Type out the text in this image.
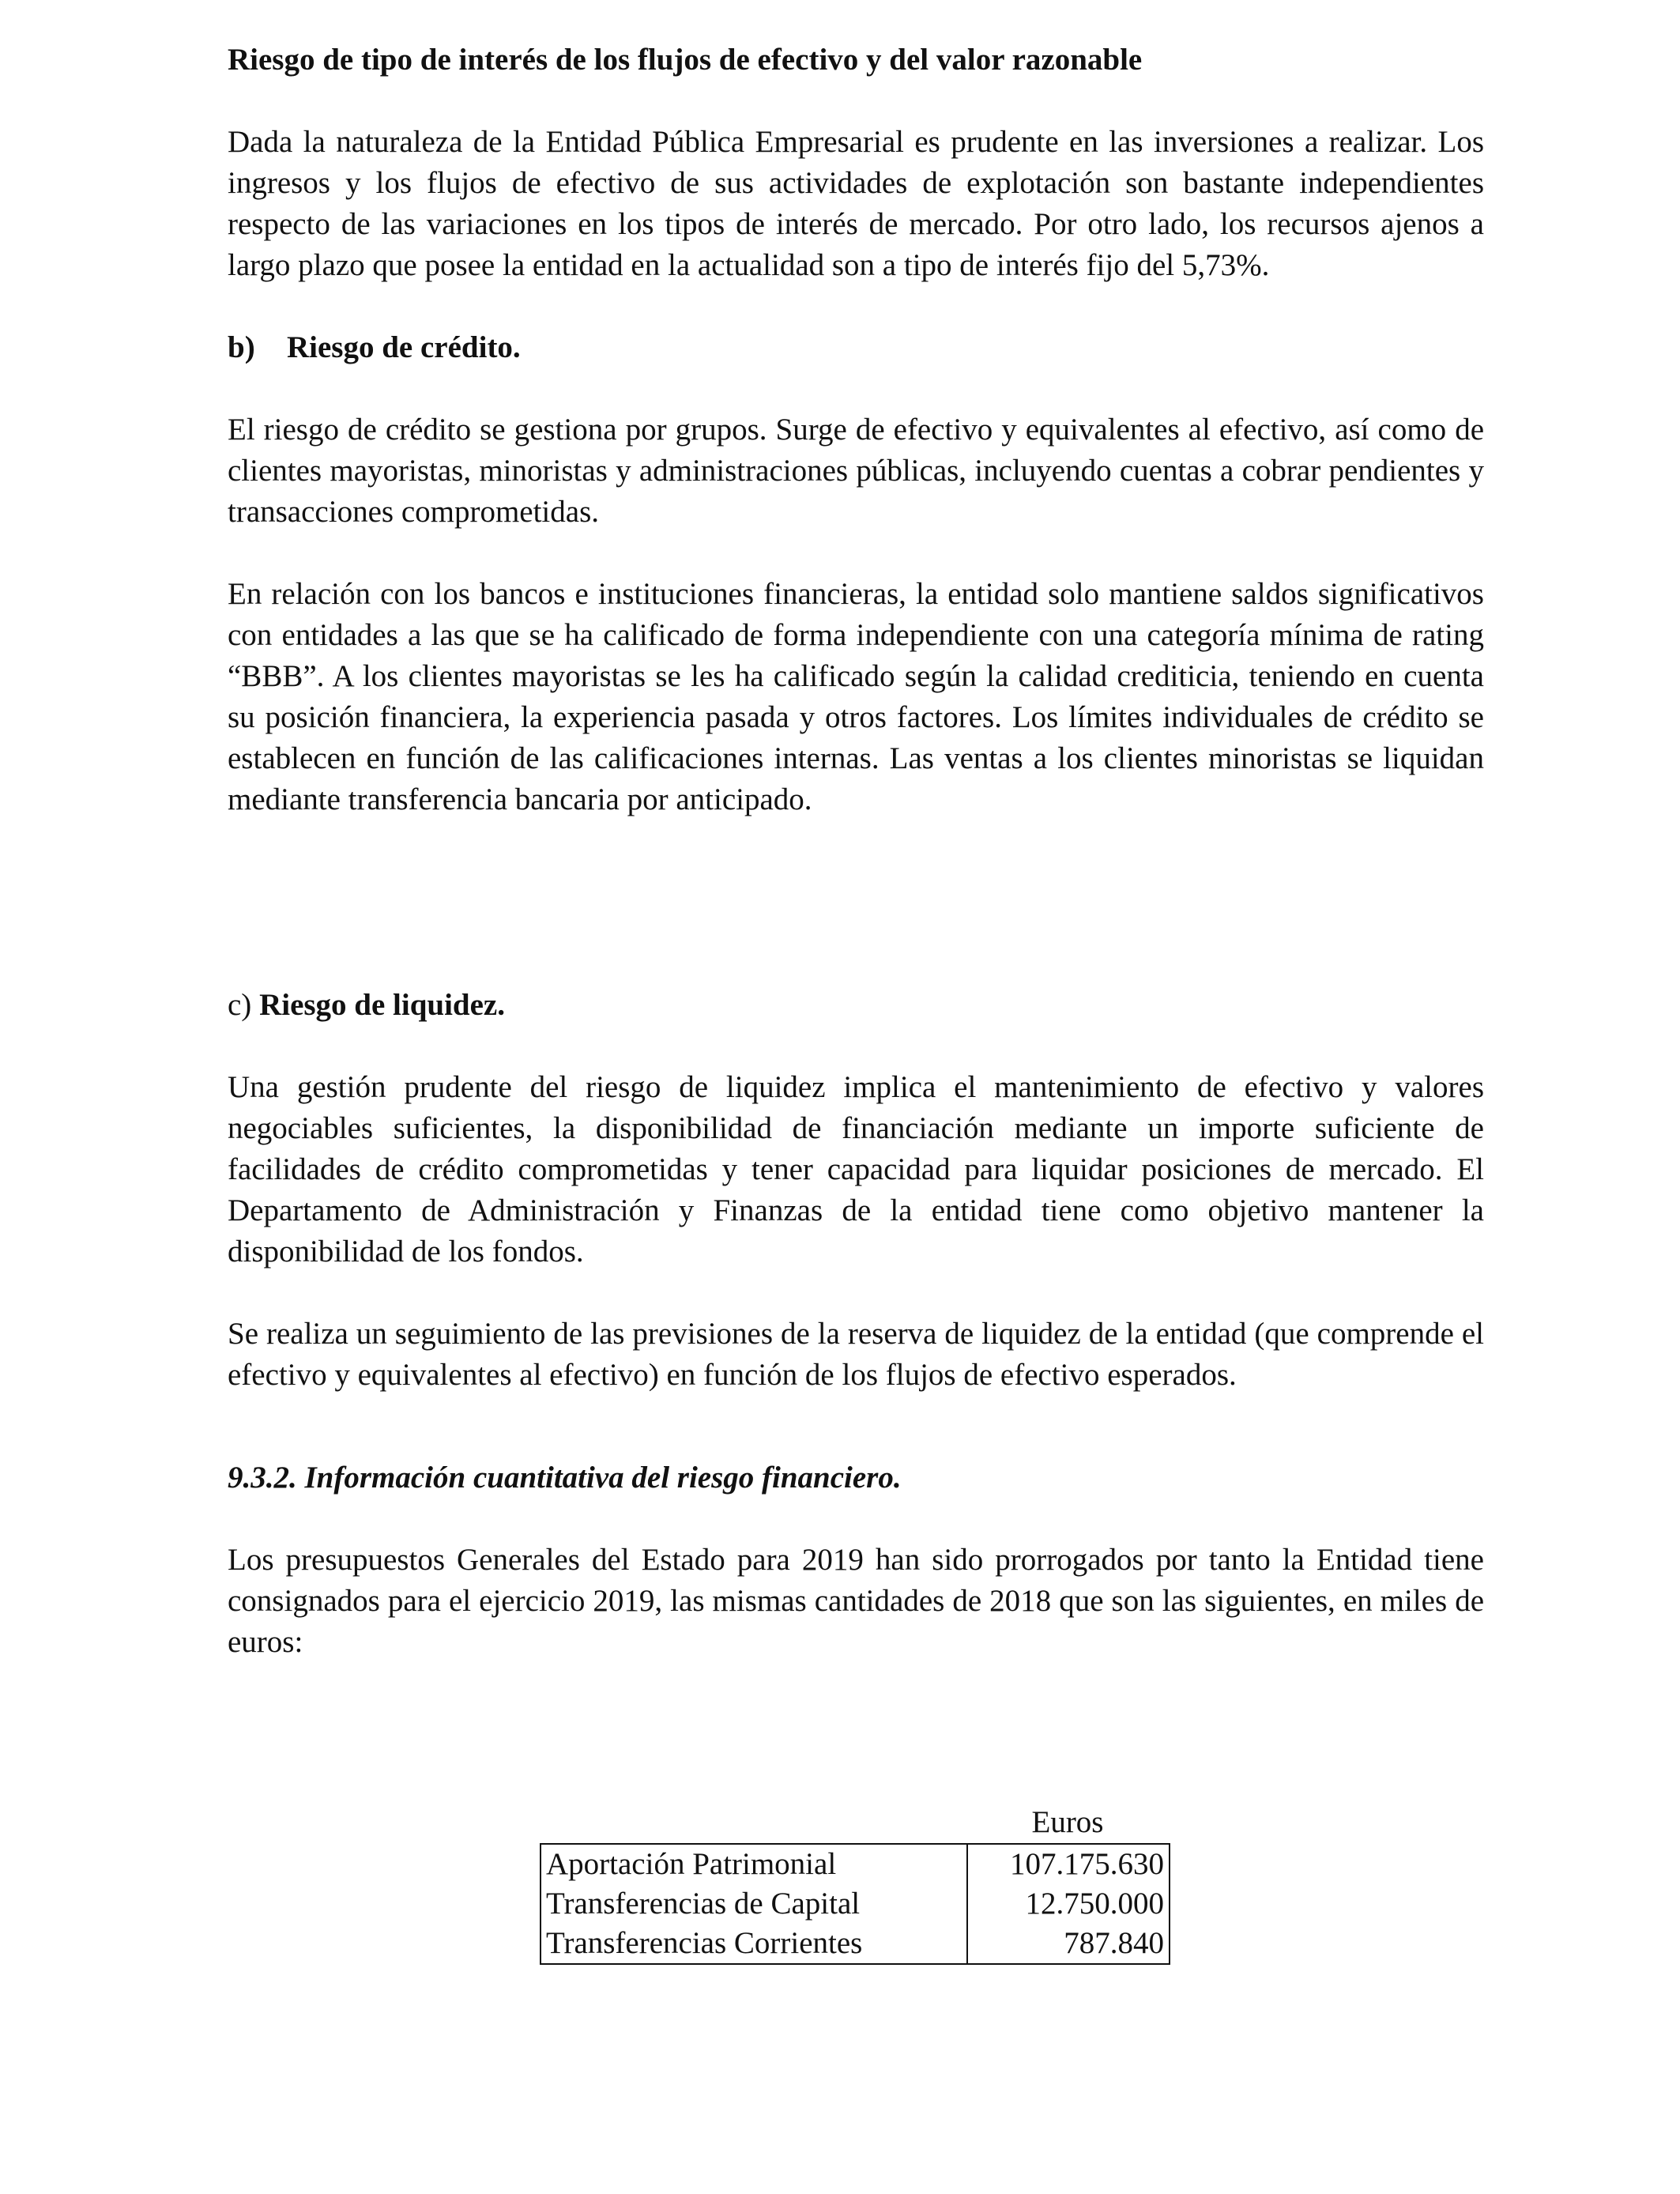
Riesgo de tipo de interés de los flujos de efectivo y del valor razonable

Dada la naturaleza de la Entidad Pública Empresarial es prudente en las inversiones a realizar. Los ingresos y los flujos de efectivo de sus actividades de explotación son bastante independientes respecto de las variaciones en los tipos de interés de mercado. Por otro lado, los recursos ajenos a largo plazo que posee la entidad en la actualidad son a tipo de interés fijo del 5,73%.

b) Riesgo de crédito.

El riesgo de crédito se gestiona por grupos. Surge de efectivo y equivalentes al efectivo, así como de clientes mayoristas, minoristas y administraciones públicas, incluyendo cuentas a cobrar pendientes y transacciones comprometidas.

En relación con los bancos e instituciones financieras, la entidad solo mantiene saldos significativos con entidades a las que se ha calificado de forma independiente con una categoría mínima de rating “BBB”. A los clientes mayoristas se les ha calificado según la calidad crediticia, teniendo en cuenta su posición financiera, la experiencia pasada y otros factores. Los límites individuales de crédito se establecen en función de las calificaciones internas. Las ventas a los clientes minoristas se liquidan mediante transferencia bancaria por anticipado.

c) Riesgo de liquidez.

Una gestión prudente del riesgo de liquidez implica el mantenimiento de efectivo y valores negociables suficientes, la disponibilidad de financiación mediante un importe suficiente de facilidades de crédito comprometidas y tener capacidad para liquidar posiciones de mercado. El Departamento de Administración y Finanzas de la entidad tiene como objetivo mantener la disponibilidad de los fondos.

Se realiza un seguimiento de las previsiones de la reserva de liquidez de la entidad (que comprende el efectivo y equivalentes al efectivo) en función de los flujos de efectivo esperados.

9.3.2. Información cuantitativa del riesgo financiero.

Los presupuestos Generales del Estado para 2019 han sido prorrogados por tanto la Entidad tiene consignados para el ejercicio 2019, las mismas cantidades de 2018 que son las siguientes, en miles de euros:

Euros
Aportación Patrimonial	107.175.630
Transferencias de Capital	12.750.000
Transferencias Corrientes	787.840
